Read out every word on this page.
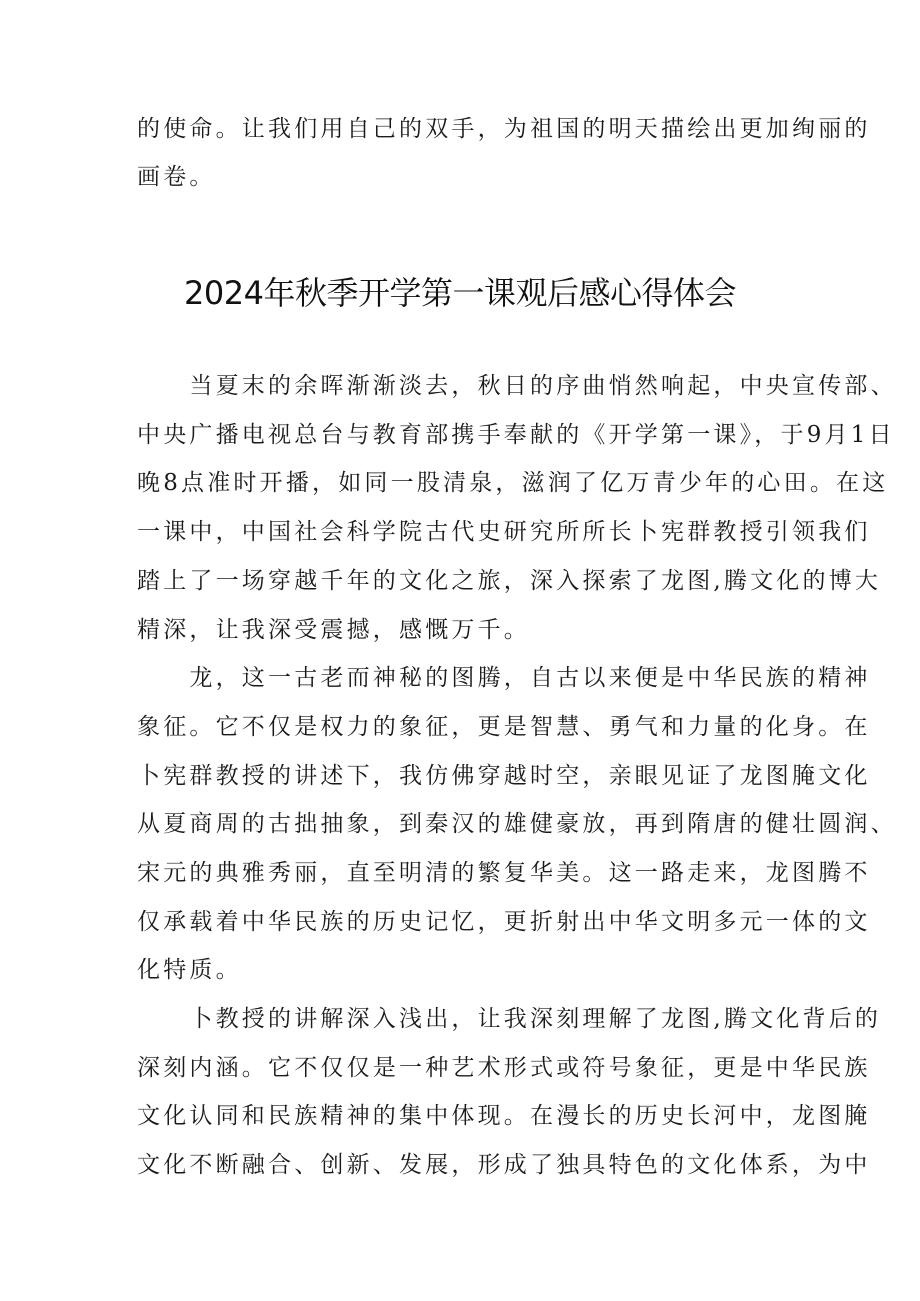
的使命。让我们用自己的双手，为祖国的明天描绘出更加绚丽的
画卷。
2024年秋季开学第一课观后感心得体会
　　当夏末的余晖渐渐淡去，秋日的序曲悄然响起，中央宣传部、
中央广播电视总台与教育部携手奉献的《开学第一课》，于9月1日
晚8点准时开播，如同一股清泉，滋润了亿万青少年的心田。在这
一课中，中国社会科学院古代史研究所所长卜宪群教授引领我们
踏上了一场穿越千年的文化之旅，深入探索了龙图,腾文化的博大
精深，让我深受震撼，感慨万千。
　　龙，这一古老而神秘的图腾，自古以来便是中华民族的精神
象征。它不仅是权力的象征，更是智慧、勇气和力量的化身。在
卜宪群教授的讲述下，我仿佛穿越时空，亲眼见证了龙图腌文化
从夏商周的古拙抽象，到秦汉的雄健豪放，再到隋唐的健壮圆润、
宋元的典雅秀丽，直至明清的繁复华美。这一路走来，龙图腾不
仅承载着中华民族的历史记忆，更折射出中华文明多元一体的文
化特质。
　　卜教授的讲解深入浅出，让我深刻理解了龙图,腾文化背后的
深刻内涵。它不仅仅是一种艺术形式或符号象征，更是中华民族
文化认同和民族精神的集中体现。在漫长的历史长河中，龙图腌
文化不断融合、创新、发展，形成了独具特色的文化体系，为中
